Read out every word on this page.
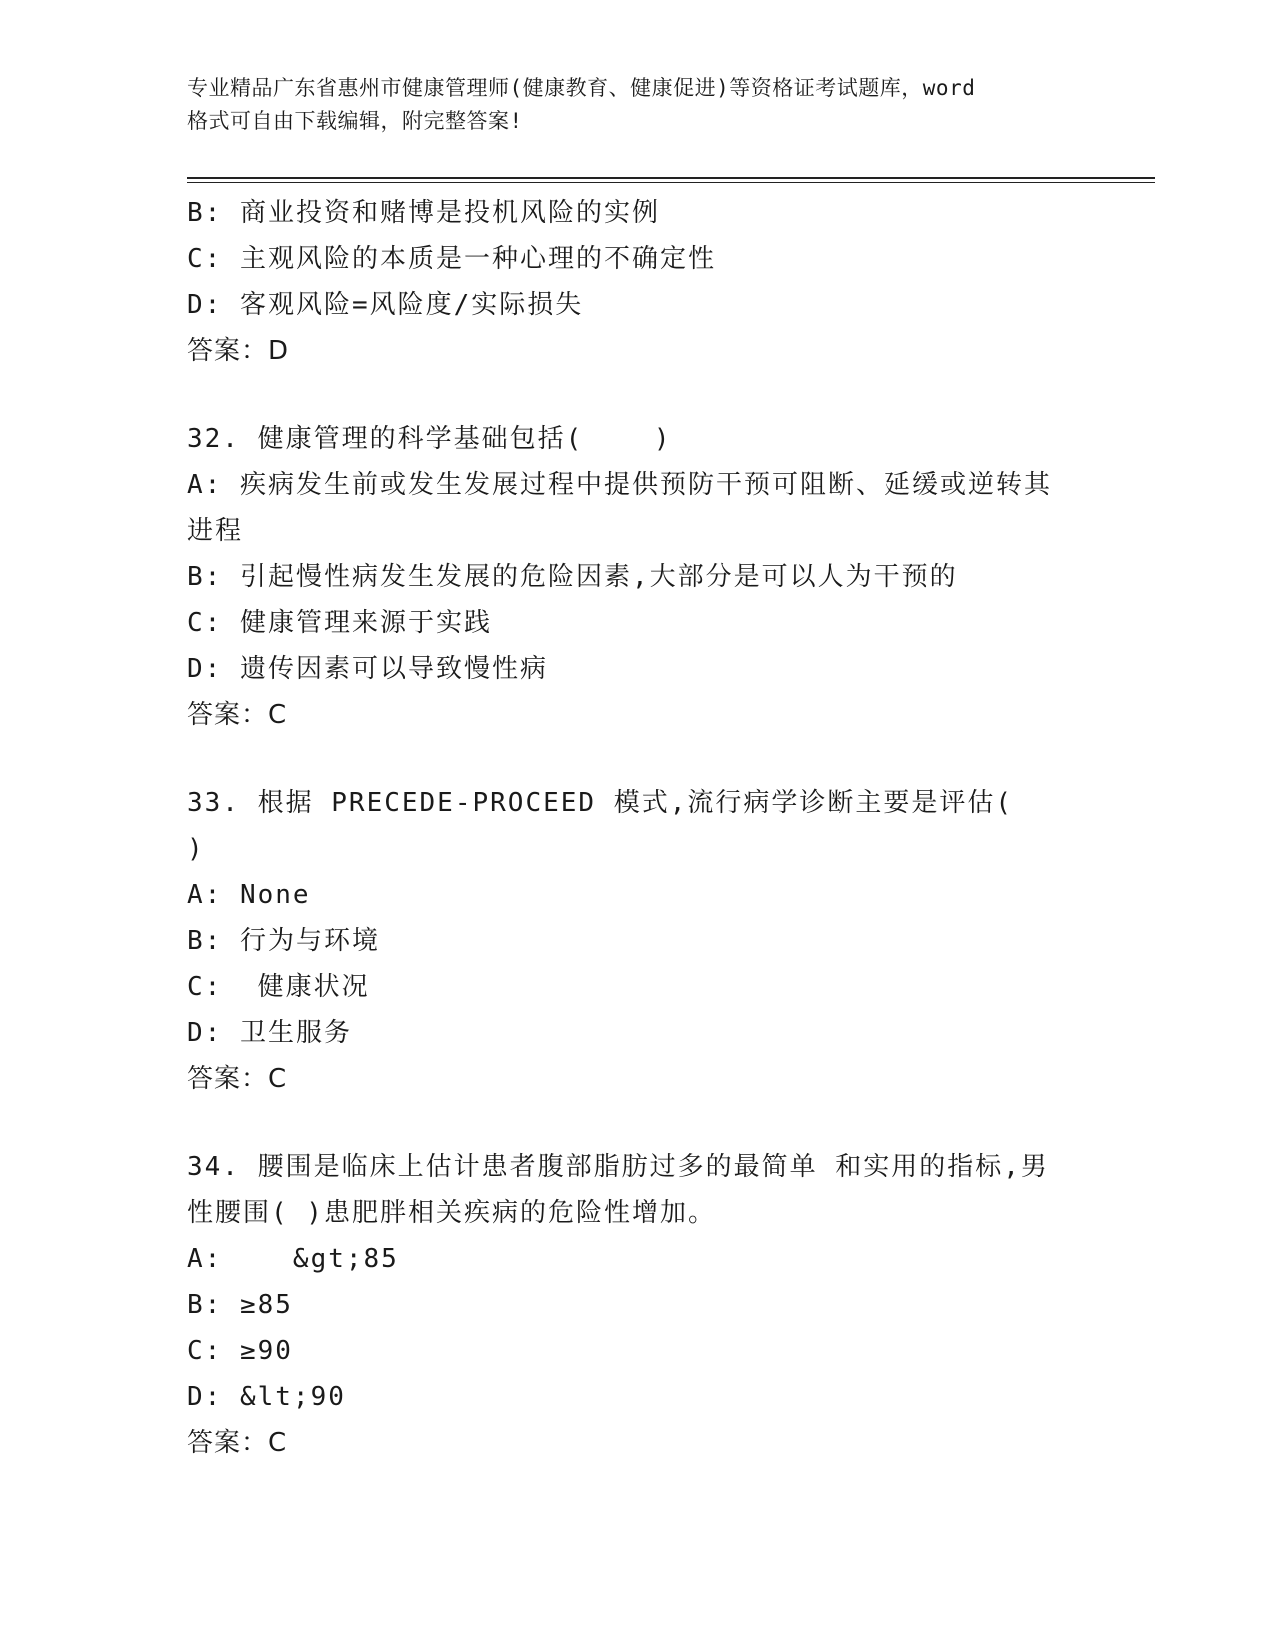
专业精品广东省惠州市健康管理师(健康教育、健康促进)等资格证考试题库，word
格式可自由下载编辑，附完整答案!
B: 商业投资和赌博是投机风险的实例
C: 主观风险的本质是一种心理的不确定性
D: 客观风险=风险度/实际损失
答案：D
32. 健康管理的科学基础包括(    )
A: 疾病发生前或发生发展过程中提供预防干预可阻断、延缓或逆转其
进程
B: 引起慢性病发生发展的危险因素,大部分是可以人为干预的
C: 健康管理来源于实践
D: 遗传因素可以导致慢性病
答案：C
33. 根据 PRECEDE-PROCEED 模式,流行病学诊断主要是评估(    )
A: None
B: 行为与环境
C:  健康状况
D: 卫生服务
答案：C
34. 腰围是临床上估计患者腹部脂肪过多的最简单 和实用的指标,男
性腰围( )患肥胖相关疾病的危险性增加。
A:    &gt;85
B: ≥85
C: ≥90
D: &lt;90
答案：C
